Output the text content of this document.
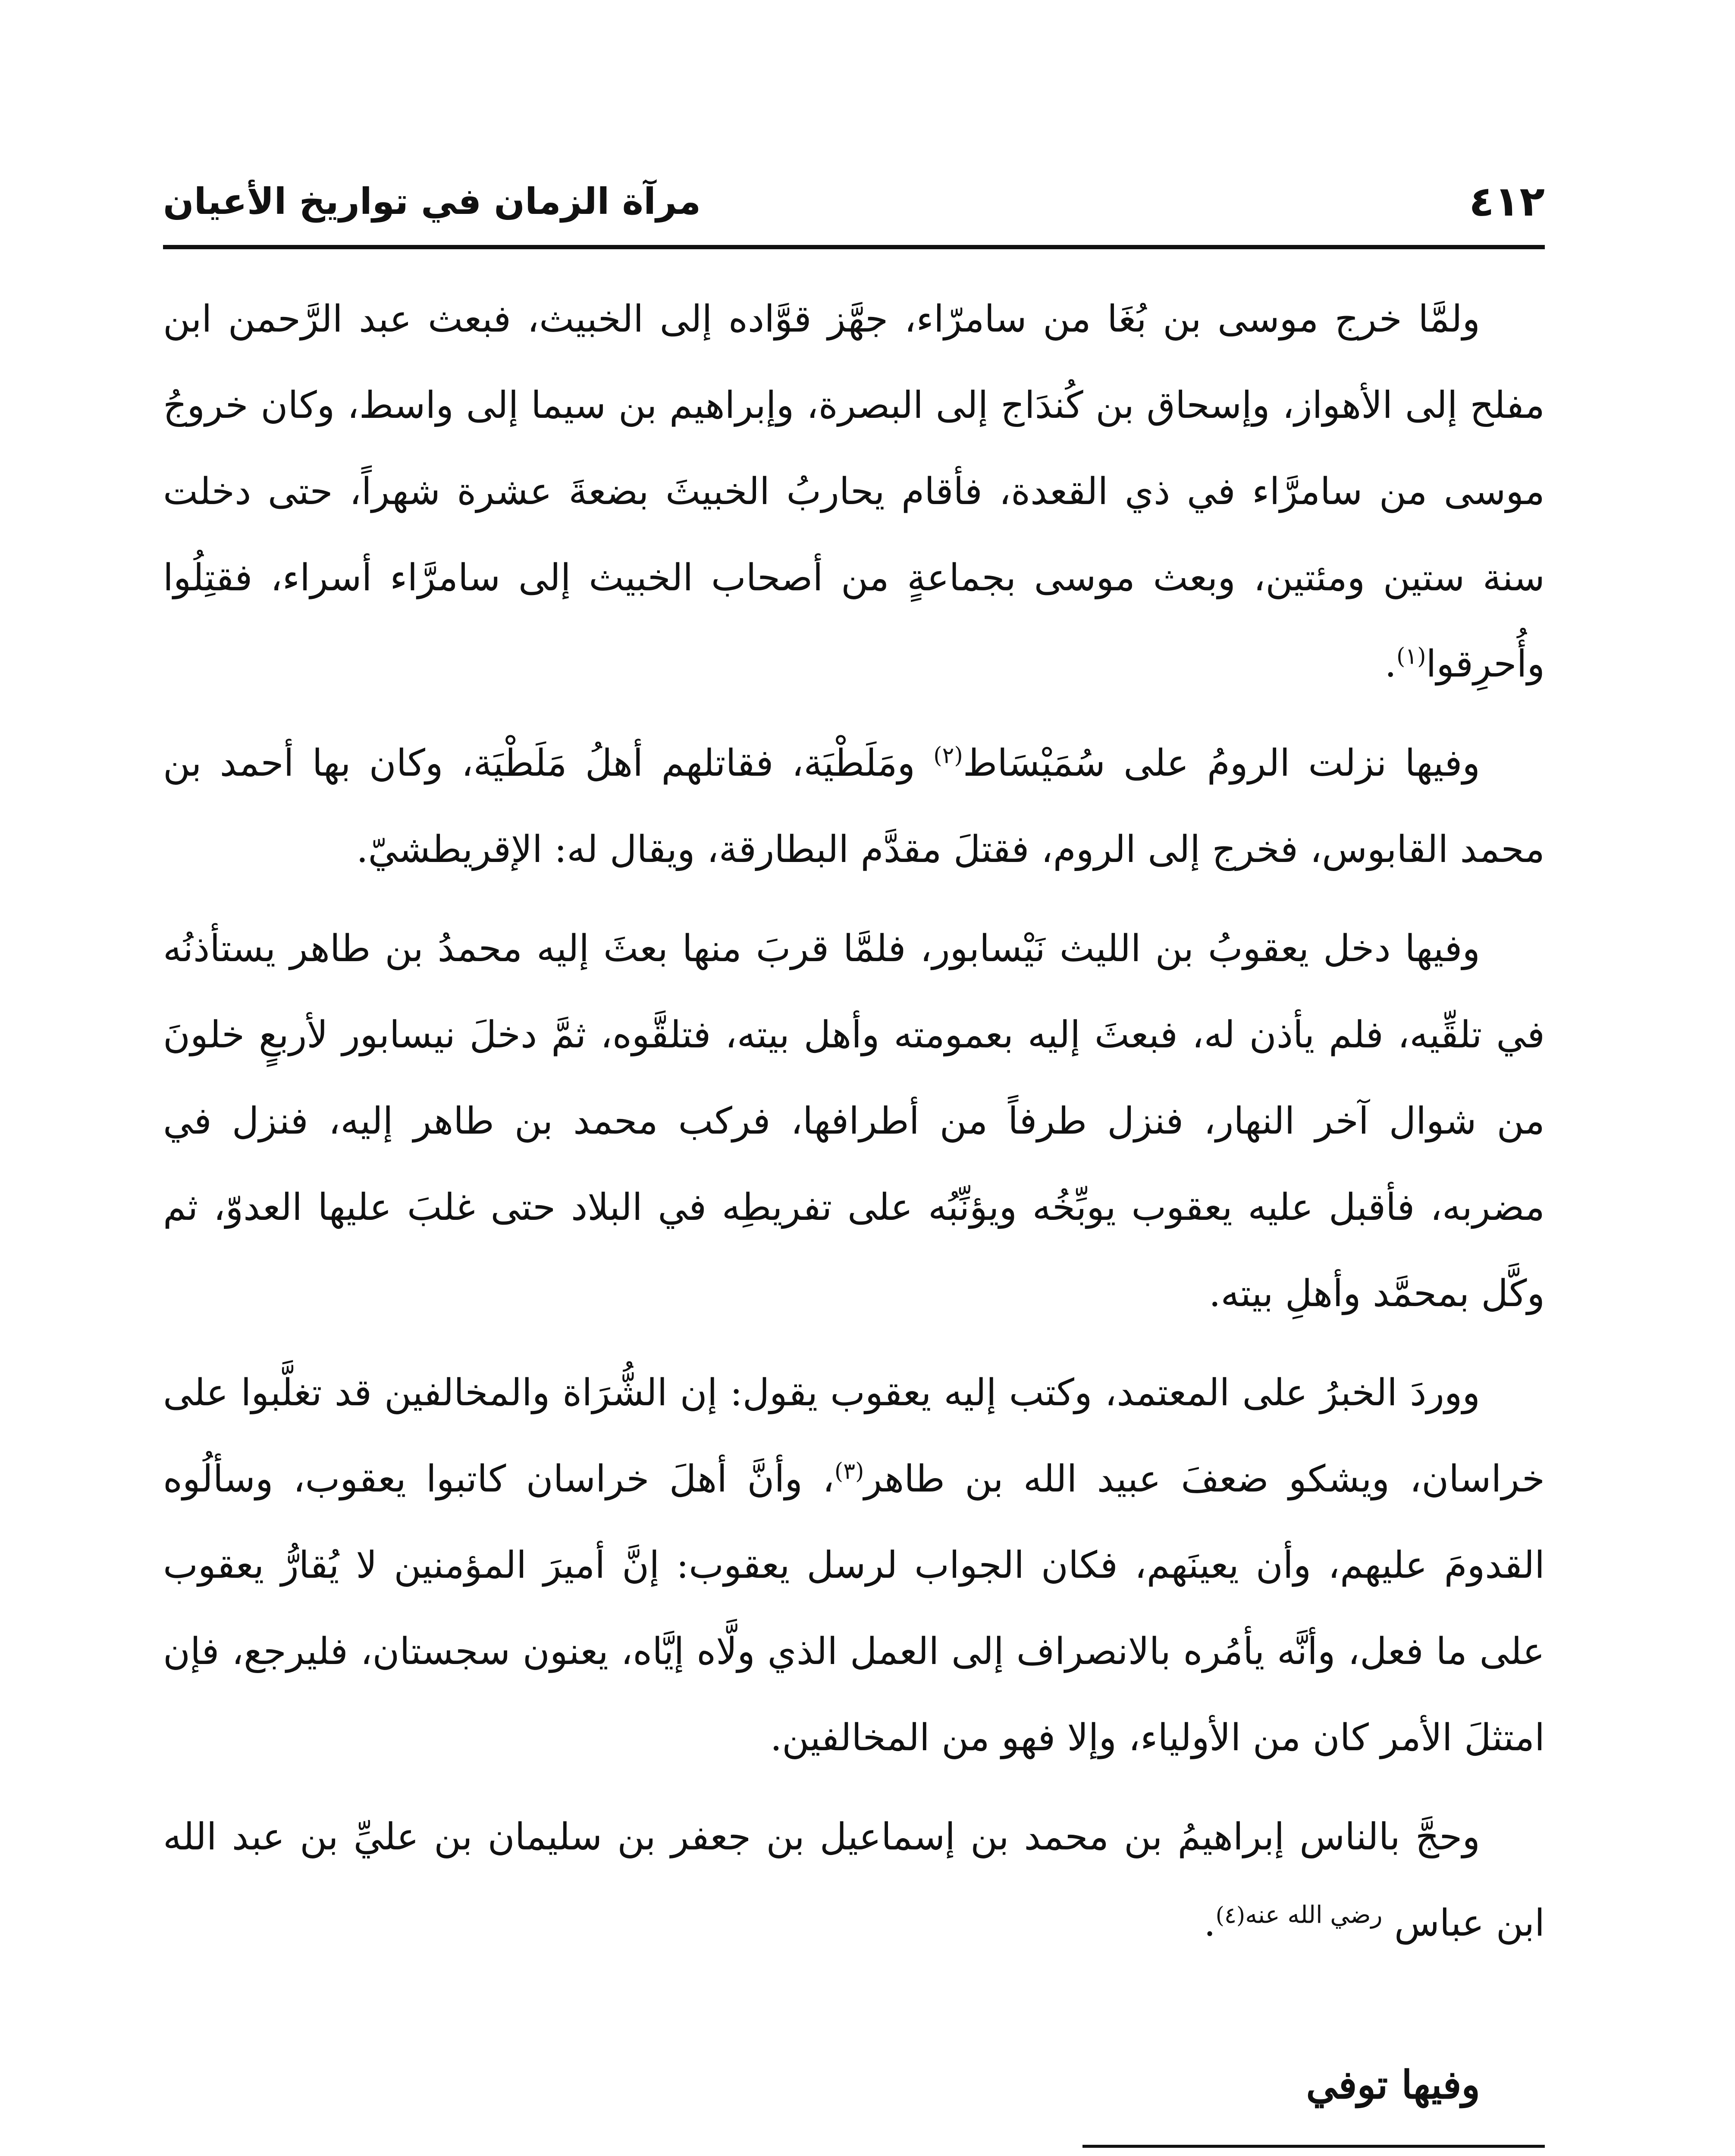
٤١٢
مرآة الزمان في تواريخ الأعيان

ولمَّا خرج موسى بن بُغَا من سامرّاء، جهَّز قوَّاده إلى الخبيث، فبعث عبد الرَّحمن ابن مفلح إلى الأهواز، وإسحاق بن كُندَاج إلى البصرة، وإبراهيم بن سيما إلى واسط، وكان خروجُ موسى من سامرَّاء في ذي القعدة، فأقام يحاربُ الخبيثَ بضعةَ عشرة شهراً، حتى دخلت سنة ستين ومئتين، وبعث موسى بجماعةٍ من أصحاب الخبيث إلى سامرَّاء أسراء، فقتِلُوا وأُحرِقوا$^{(١)}$.

وفيها نزلت الرومُ على سُمَيْسَاط$^{(٢)}$ ومَلَطْيَة، فقاتلهم أهلُ مَلَطْيَة، وكان بها أحمد بن محمد القابوس، فخرج إلى الروم، فقتلَ مقدَّم البطارقة، ويقال له: الإقريطشيّ.

وفيها دخل يعقوبُ بن الليث نَيْسابور، فلمَّا قربَ منها بعثَ إليه محمدُ بن طاهر يستأذنُه في تلقِّيه، فلم يأذن له، فبعثَ إليه بعمومته وأهل بيته، فتلقَّوه، ثمَّ دخلَ نيسابور لأربعٍ خلونَ من شوال آخر النهار، فنزل طرفاً من أطرافها، فركب محمد بن طاهر إليه، فنزل في مضربه، فأقبل عليه يعقوب يوبِّخُه ويؤنِّبُه على تفريطِه في البلاد حتى غلبَ عليها العدوّ، ثم وكَّل بمحمَّد وأهلِ بيته.

ووردَ الخبرُ على المعتمد، وكتب إليه يعقوب يقول: إن الشُّرَاة والمخالفين قد تغلَّبوا على خراسان، ويشكو ضعفَ عبيد الله بن طاهر$^{(٣)}$، وأنَّ أهلَ خراسان كاتبوا يعقوب، وسألُوه القدومَ عليهم، وأن يعينَهم، فكان الجواب لرسل يعقوب: إنَّ أميرَ المؤمنين لا يُقارُّ يعقوب على ما فعل، وأنَّه يأمُره بالانصراف إلى العمل الذي ولَّاه إيَّاه، يعنون سجستان، فليرجع، فإن امتثلَ الأمر كان من الأولياء، وإلا فهو من المخالفين.

وحجَّ بالناس إبراهيمُ بن محمد بن إسماعيل بن جعفر بن سليمان بن عليِّ بن عبد الله ابن عباس $^{رضي الله عنه(٤)}$.

وفيها توفي
